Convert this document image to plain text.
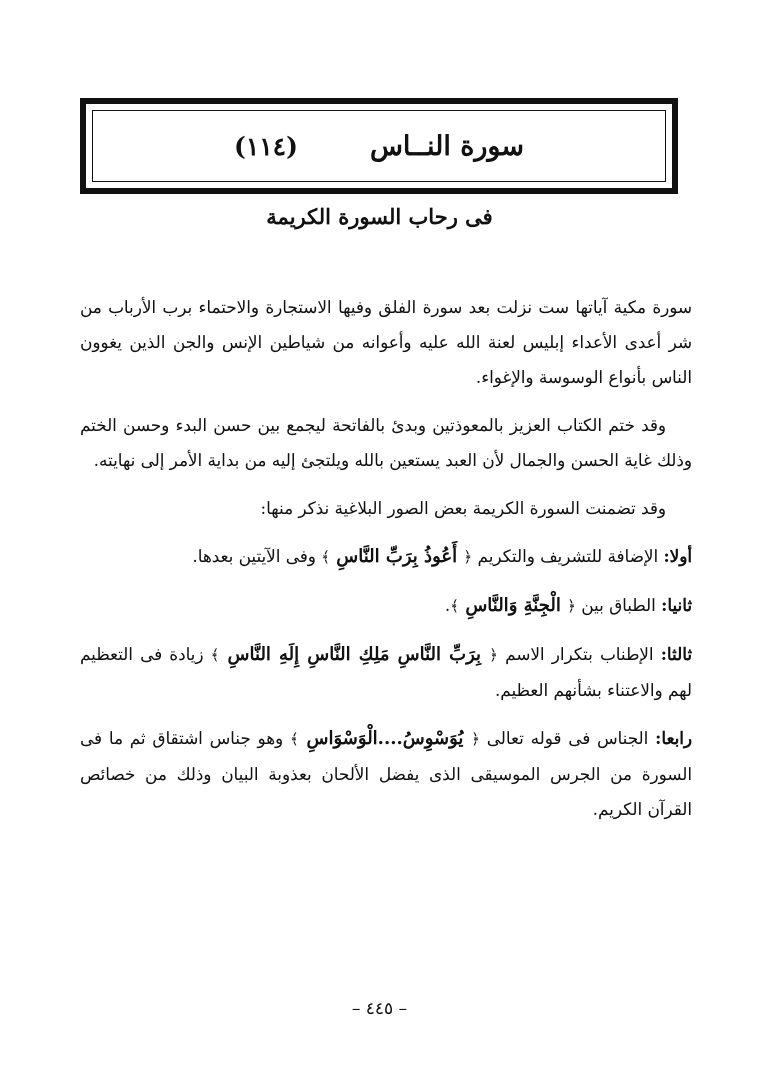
سورة النــاس
(١١٤)
فى رحاب السورة الكريمة

سورة مكية آياتها ست نزلت بعد سورة الفلق وفيها الاستجارة والاحتماء برب الأرباب من شر أعدى الأعداء إبليس لعنة الله عليه وأعوانه من شياطين الإنس والجن الذين يغوون الناس بأنواع الوسوسة والإغواء.

وقد ختم الكتاب العزيز بالمعوذتين وبدئ بالفاتحة ليجمع بين حسن البدء وحسن الختم وذلك غاية الحسن والجمال لأن العبد يستعين بالله ويلتجئ إليه من بداية الأمر إلى نهايته.

وقد تضمنت السورة الكريمة بعض الصور البلاغية نذكر منها:

أولا: الإضافة للتشريف والتكريم ﴿ أَعُوذُ بِرَبِّ النَّاسِ ﴾ وفى الآيتين بعدها.

ثانيا: الطباق بين ﴿ الْجِنَّةِ وَالنَّاسِ ﴾.

ثالثا: الإطناب بتكرار الاسم ﴿ بِرَبِّ النَّاسِ مَلِكِ النَّاسِ إِلَهِ النَّاسِ ﴾ زيادة فى التعظيم لهم والاعتناء بشأنهم العظيم.

رابعا: الجناس فى قوله تعالى ﴿ يُوَسْوِسُ....الْوَسْوَاسِ ﴾ وهو جناس اشتقاق ثم ما فى السورة من الجرس الموسيقى الذى يفضل الألحان بعذوبة البيان وذلك من خصائص القرآن الكريم.

– ٤٤٥ –
